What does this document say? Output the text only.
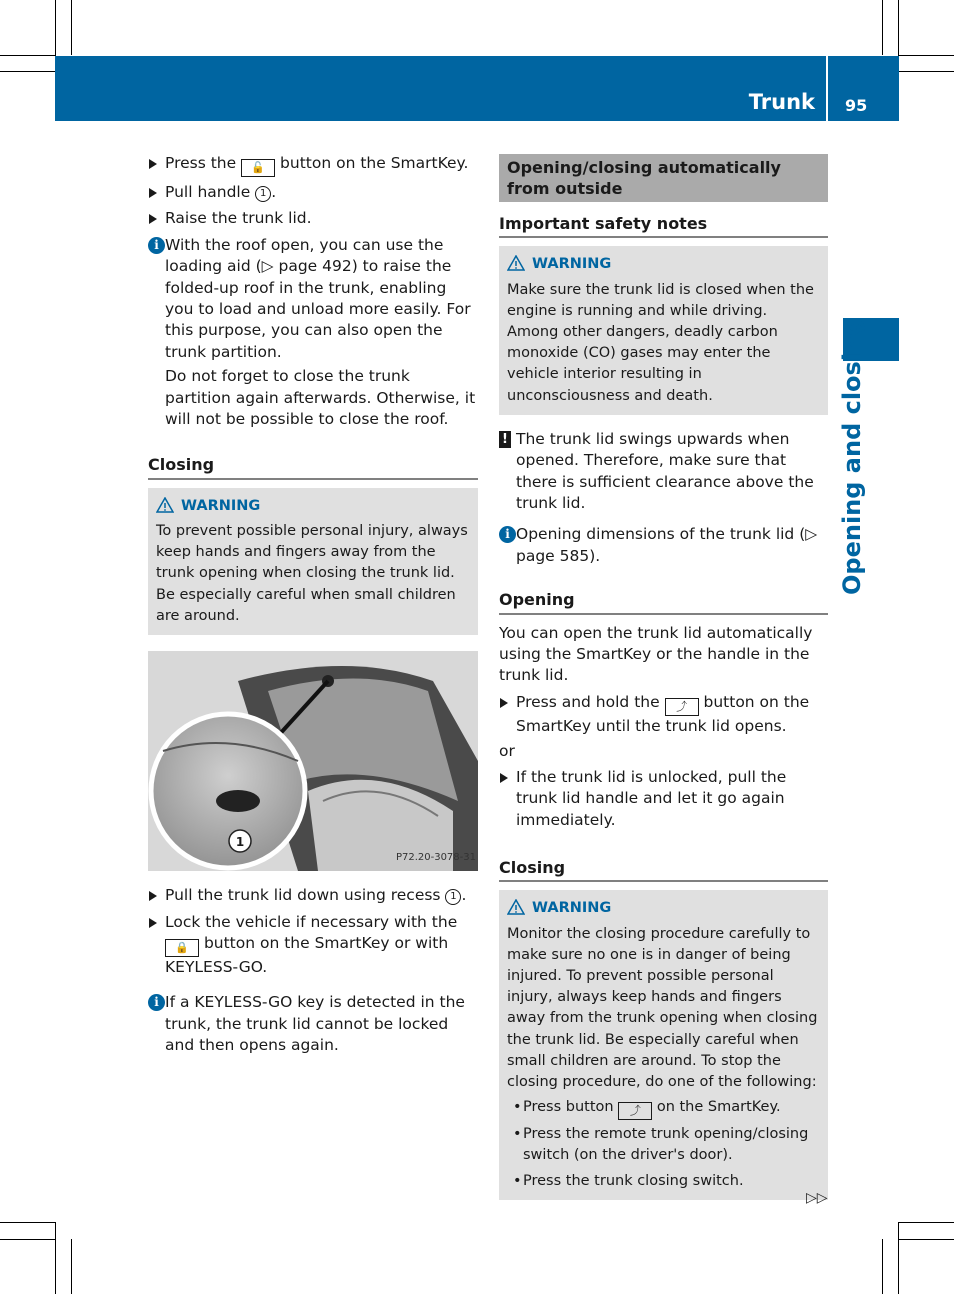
Trunk 95
Opening and closing

Press the 🔓 button on the SmartKey.

Pull handle 1 .

Raise the trunk lid.

i With the roof open, you can use the loading aid (▷ page 492) to raise the folded-up roof in the trunk, enabling you to load and unload more easily. For this purpose, you can also open the trunk partition.

Do not forget to close the trunk partition again afterwards. Otherwise, it will not be possible to close the roof.

Closing
WARNING
To prevent possible personal injury, always keep hands and fingers away from the trunk opening when closing the trunk lid. Be especially careful when small children are around.
1
P72.20-3078-31

Pull the trunk lid down using recess 1 .

Lock the vehicle if necessary with the 🔒 button on the SmartKey or with KEYLESS-GO.

i If a KEYLESS-GO key is detected in the trunk, the trunk lid cannot be locked and then opens again.

Opening/closing automatically from outside
Important safety notes
WARNING
Make sure the trunk lid is closed when the engine is running and while driving. Among other dangers, deadly carbon monoxide (CO) gases may enter the vehicle interior resulting in unconsciousness and death.
! The trunk lid swings upwards when opened. Therefore, make sure that there is sufficient clearance above the trunk lid.

i Opening dimensions of the trunk lid (▷ page 585).

Opening

You can open the trunk lid automatically using the SmartKey or the handle in the trunk lid.

Press and hold the ⤴ button on the SmartKey until the trunk lid opens.

or

If the trunk lid is unlocked, pull the trunk lid handle and let it go again immediately.

Closing
WARNING
Monitor the closing procedure carefully to make sure no one is in danger of being injured. To prevent possible personal injury, always keep hands and fingers away from the trunk opening when closing the trunk lid. Be especially careful when small children are around. To stop the closing procedure, do one of the following:
• Press button ⤴ on the SmartKey.
• Press the remote trunk opening/closing switch (on the driver's door).
• Press the trunk closing switch.
▷▷
